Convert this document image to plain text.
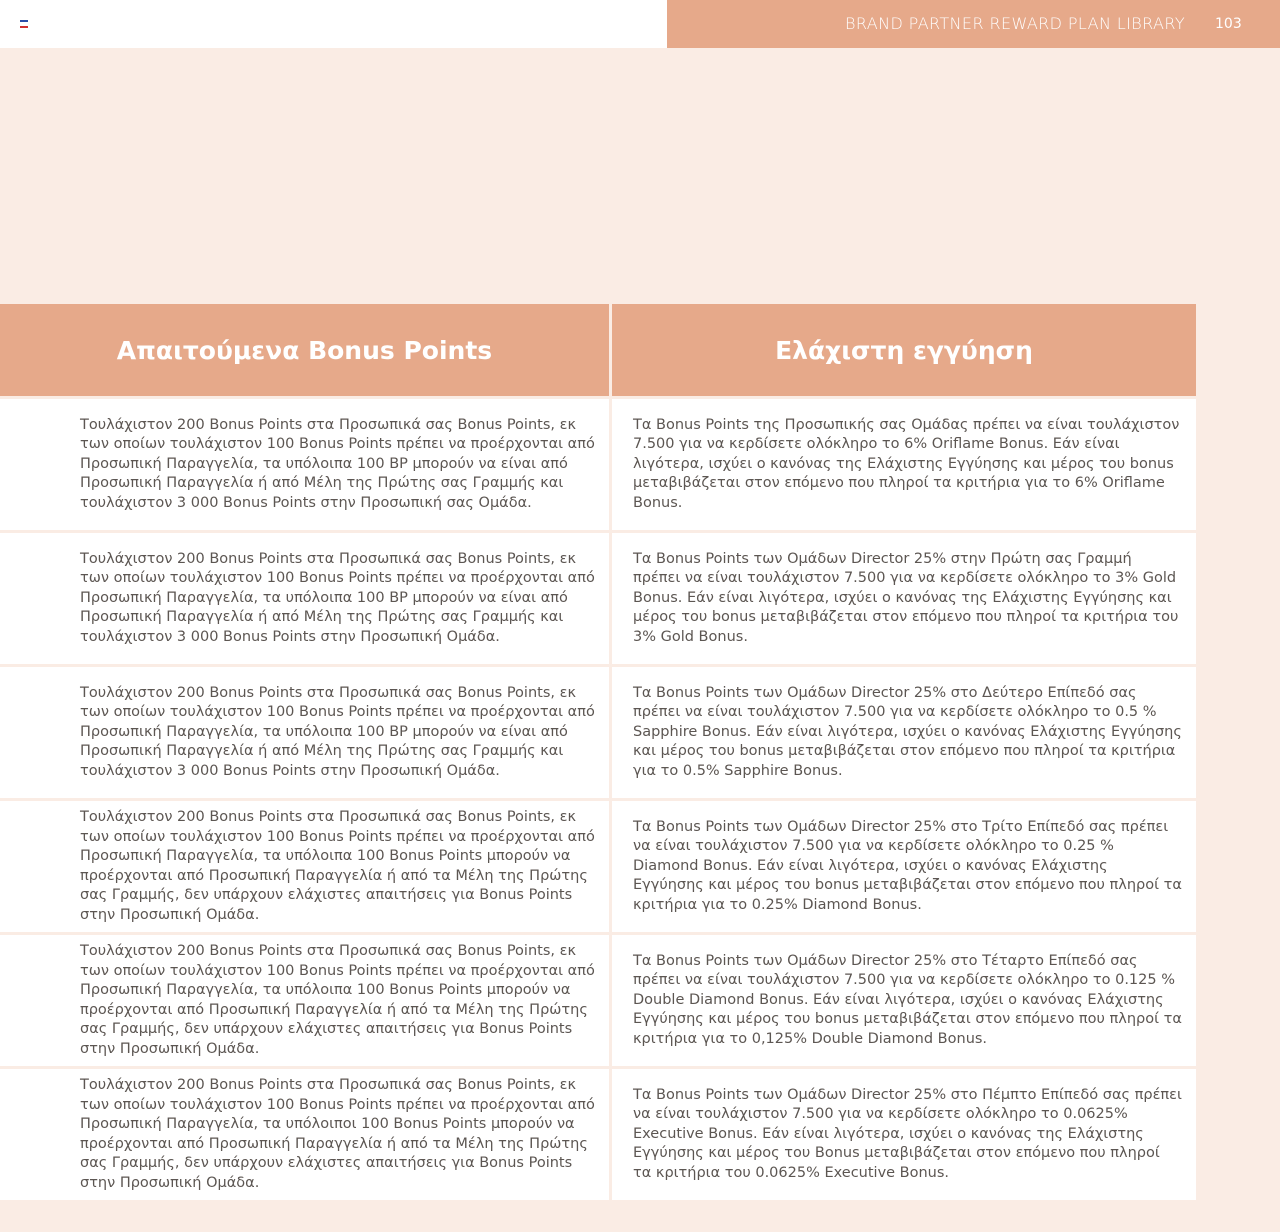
BRAND PARTNER REWARD PLAN LIBRARY 103
Απαιτούμενα Bonus Points	Ελάχιστη εγγύηση

Τουλάχιστον 200 Bonus Points στα Προσωπικά σας Bonus Points, εκ των οποίων τουλάχιστον 100 Bonus Points πρέπει να προέρχονται από Προσωπική Παραγγελία, τα υπόλοιπα 100 BP μπορούν να είναι από Προσωπική Παραγγελία ή από Μέλη της Πρώτης σας Γραμμής και τουλάχιστον 3 000 Bonus Points στην Προσωπική σας Ομάδα.

Τα Bonus Points της Προσωπικής σας Ομάδας πρέπει να είναι τουλάχιστον 7.500 για να κερδίσετε ολόκληρο το 6% Oriflame Bonus. Εάν είναι λιγότερα, ισχύει ο κανόνας της Ελάχιστης Εγγύησης και μέρος του bonus μεταβιβάζεται στον επόμενο που πληροί τα κριτήρια για το 6% Oriflame Bonus.

Τουλάχιστον 200 Bonus Points στα Προσωπικά σας Bonus Points, εκ των οποίων τουλάχιστον 100 Bonus Points πρέπει να προέρχονται από Προσωπική Παραγγελία, τα υπόλοιπα 100 BP μπορούν να είναι από Προσωπική Παραγγελία ή από Μέλη της Πρώτης σας Γραμμής και τουλάχιστον 3 000 Bonus Points στην Προσωπική Ομάδα.

Τα Bonus Points των Ομάδων Director 25% στην Πρώτη σας Γραμμή πρέπει να είναι τουλάχιστον 7.500 για να κερδίσετε ολόκληρο το 3% Gold Bonus. Εάν είναι λιγότερα, ισχύει ο κανόνας της Ελάχιστης Εγγύησης και μέρος του bonus μεταβιβάζεται στον επόμενο που πληροί τα κριτήρια του 3% Gold Bonus.

Τουλάχιστον 200 Bonus Points στα Προσωπικά σας Bonus Points, εκ των οποίων τουλάχιστον 100 Bonus Points πρέπει να προέρχονται από Προσωπική Παραγγελία, τα υπόλοιπα 100 BP μπορούν να είναι από Προσωπική Παραγγελία ή από Μέλη της Πρώτης σας Γραμμής και τουλάχιστον 3 000 Bonus Points στην Προσωπική Ομάδα.

Τα Bonus Points των Ομάδων Director 25% στο Δεύτερο Επίπεδό σας πρέπει να είναι τουλάχιστον 7.500 για να κερδίσετε ολόκληρο το 0.5 % Sapphire Bonus. Εάν είναι λιγότερα, ισχύει ο κανόνας Ελάχιστης Εγγύησης και μέρος του bonus μεταβιβάζεται στον επόμενο που πληροί τα κριτήρια για το 0.5% Sapphire Bonus.

Τουλάχιστον 200 Bonus Points στα Προσωπικά σας Bonus Points, εκ των οποίων τουλάχιστον 100 Bonus Points πρέπει να προέρχονται από Προσωπική Παραγγελία, τα υπόλοιπα 100 Bonus Points μπορούν να προέρχονται από Προσωπική Παραγγελία ή από τα Μέλη της Πρώτης σας Γραμμής, δεν υπάρχουν ελάχιστες απαιτήσεις για Bonus Points στην Προσωπική Ομάδα.

Τα Bonus Points των Ομάδων Director 25% στο Τρίτο Επίπεδό σας πρέπει να είναι τουλάχιστον 7.500 για να κερδίσετε ολόκληρο το 0.25 % Diamond Bonus. Εάν είναι λιγότερα, ισχύει ο κανόνας Ελάχιστης Εγγύησης και μέρος του bonus μεταβιβάζεται στον επόμενο που πληροί τα κριτήρια για το 0.25% Diamond Bonus.

Τουλάχιστον 200 Bonus Points στα Προσωπικά σας Bonus Points, εκ των οποίων τουλάχιστον 100 Bonus Points πρέπει να προέρχονται από Προσωπική Παραγγελία, τα υπόλοιπα 100 Bonus Points μπορούν να προέρχονται από Προσωπική Παραγγελία ή από τα Μέλη της Πρώτης σας Γραμμής, δεν υπάρχουν ελάχιστες απαιτήσεις για Bonus Points στην Προσωπική Ομάδα.

Τα Bonus Points των Ομάδων Director 25% στο Τέταρτο Επίπεδό σας πρέπει να είναι τουλάχιστον 7.500 για να κερδίσετε ολόκληρο το 0.125 % Double Diamond Bonus. Εάν είναι λιγότερα, ισχύει ο κανόνας Ελάχιστης Εγγύησης και μέρος του bonus μεταβιβάζεται στον επόμενο που πληροί τα κριτήρια για το 0,125% Double Diamond Bonus.

Τουλάχιστον 200 Bonus Points στα Προσωπικά σας Bonus Points, εκ των οποίων τουλάχιστον 100 Bonus Points πρέπει να προέρχονται από Προσωπική Παραγγελία, τα υπόλοιποι 100 Bonus Points μπορούν να προέρχονται από Προσωπική Παραγγελία ή από τα Μέλη της Πρώτης σας Γραμμής, δεν υπάρχουν ελάχιστες απαιτήσεις για Bonus Points στην Προσωπική Ομάδα.

Τα Bonus Points των Ομάδων Director 25% στο Πέμπτο Επίπεδό σας πρέπει να είναι τουλάχιστον 7.500 για να κερδίσετε ολόκληρο το 0.0625% Executive Bonus. Εάν είναι λιγότερα, ισχύει ο κανόνας της Ελάχιστης Εγγύησης και μέρος του Bonus μεταβιβάζεται στον επόμενο που πληροί τα κριτήρια του 0.0625% Executive Bonus.
